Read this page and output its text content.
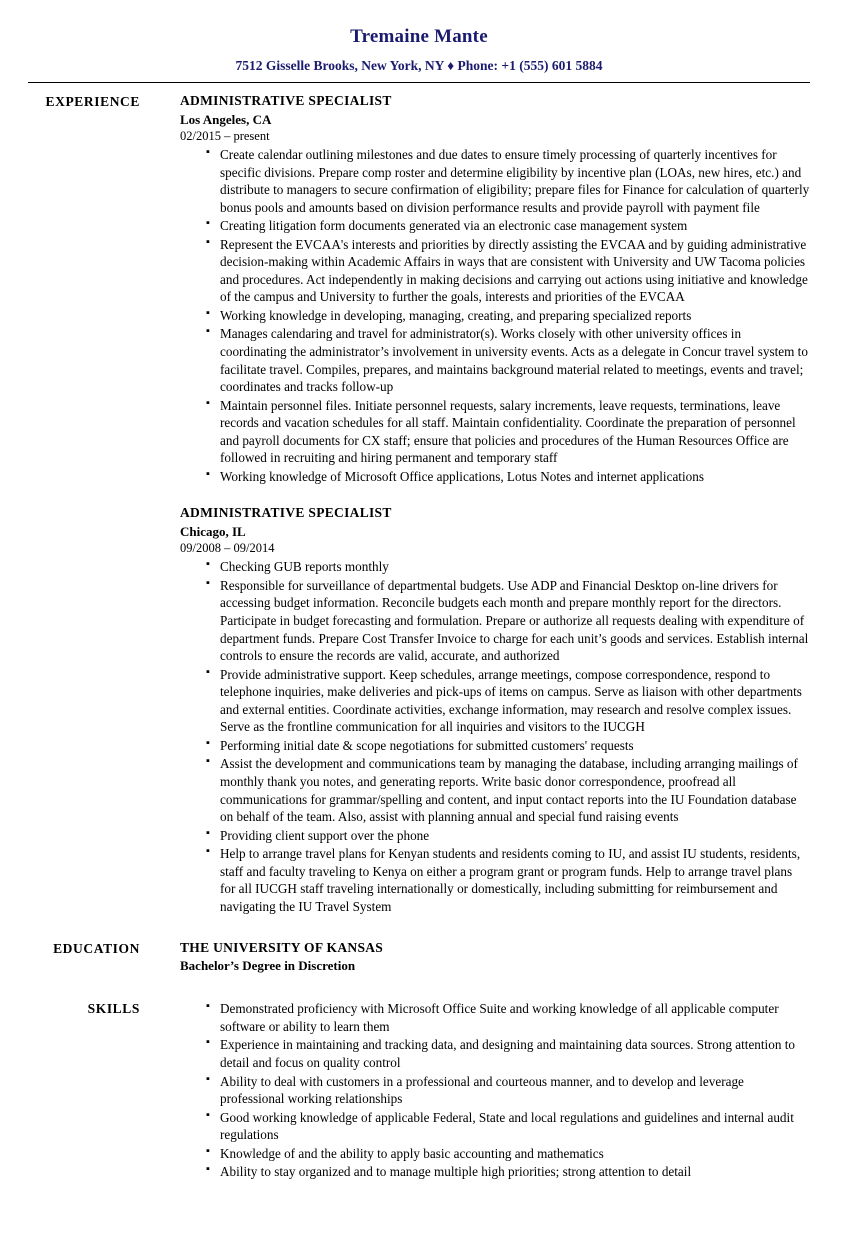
Tremaine Mante
7512 Gisselle Brooks, New York, NY ♦ Phone: +1 (555) 601 5884
EXPERIENCE	ADMINISTRATIVE SPECIALIST
Los Angeles, CA
02/2015 – present
▪ Create calendar outlining milestones and due dates to ensure timely processing of quarterly incentives for specific divisions. Prepare comp roster and determine eligibility by incentive plan (LOAs, new hires, etc.) and distribute to managers to secure confirmation of eligibility; prepare files for Finance for calculation of quarterly bonus pools and amounts based on division performance results and provide payroll with payment file
▪ Creating litigation form documents generated via an electronic case management system
▪ Represent the EVCAA's interests and priorities by directly assisting the EVCAA and by guiding administrative decision-making within Academic Affairs in ways that are consistent with University and UW Tacoma policies and procedures. Act independently in making decisions and carrying out actions using initiative and knowledge of the campus and University to further the goals, interests and priorities of the EVCAA
▪ Working knowledge in developing, managing, creating, and preparing specialized reports
▪ Manages calendaring and travel for administrator(s). Works closely with other university offices in coordinating the administrator’s involvement in university events. Acts as a delegate in Concur travel system to facilitate travel. Compiles, prepares, and maintains background material related to meetings, events and travel; coordinates and tracks follow-up
▪ Maintain personnel files. Initiate personnel requests, salary increments, leave requests, terminations, leave records and vacation schedules for all staff. Maintain confidentiality. Coordinate the preparation of personnel and payroll documents for CX staff; ensure that policies and procedures of the Human Resources Office are followed in recruiting and hiring permanent and temporary staff
▪ Working knowledge of Microsoft Office applications, Lotus Notes and internet applications
ADMINISTRATIVE SPECIALIST
Chicago, IL
09/2008 – 09/2014
▪ Checking GUB reports monthly
▪ Responsible for surveillance of departmental budgets. Use ADP and Financial Desktop on-line drivers for accessing budget information. Reconcile budgets each month and prepare monthly report for the directors. Participate in budget forecasting and formulation. Prepare or authorize all requests dealing with expenditure of department funds. Prepare Cost Transfer Invoice to charge for each unit’s goods and services. Establish internal controls to ensure the records are valid, accurate, and authorized
▪ Provide administrative support. Keep schedules, arrange meetings, compose correspondence, respond to telephone inquiries, make deliveries and pick-ups of items on campus. Serve as liaison with other departments and external entities. Coordinate activities, exchange information, may research and resolve complex issues. Serve as the frontline communication for all inquiries and visitors to the IUCGH
▪ Performing initial date & scope negotiations for submitted customers' requests
▪ Assist the development and communications team by managing the database, including arranging mailings of monthly thank you notes, and generating reports. Write basic donor correspondence, proofread all communications for grammar/spelling and content, and input contact reports into the IU Foundation database on behalf of the team. Also, assist with planning annual and special fund raising events
▪ Providing client support over the phone
▪ Help to arrange travel plans for Kenyan students and residents coming to IU, and assist IU students, residents, staff and faculty traveling to Kenya on either a program grant or program funds. Help to arrange travel plans for all IUCGH staff traveling internationally or domestically, including submitting for reimbursement and navigating the IU Travel System
EDUCATION	THE UNIVERSITY OF KANSAS
Bachelor’s Degree in Discretion
SKILLS	▪ Demonstrated proficiency with Microsoft Office Suite and working knowledge of all applicable computer software or ability to learn them
▪ Experience in maintaining and tracking data, and designing and maintaining data sources. Strong attention to detail and focus on quality control
▪ Ability to deal with customers in a professional and courteous manner, and to develop and leverage professional working relationships
▪ Good working knowledge of applicable Federal, State and local regulations and guidelines and internal audit regulations
▪ Knowledge of and the ability to apply basic accounting and mathematics
▪ Ability to stay organized and to manage multiple high priorities; strong attention to detail
